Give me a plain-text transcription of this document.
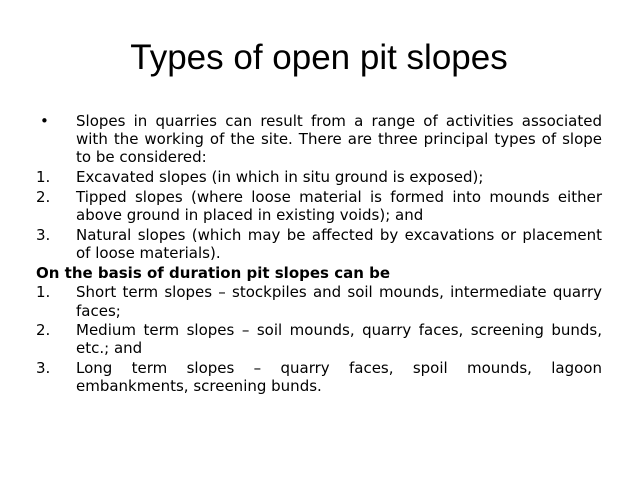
Types of open pit slopes
•	Slopes in quarries can result from a range of activities associated with the working of the site. There are three principal types of slope to be considered:
1.	Excavated slopes (in which in situ ground is exposed);
2.	Tipped slopes (where loose material is formed into mounds either above ground in placed in existing voids); and
3.	Natural slopes (which may be affected by excavations or placement of loose materials).
On the basis of duration pit slopes can be
1.	Short term slopes – stockpiles and soil mounds, intermediate quarry faces;
2.	Medium term slopes – soil mounds, quarry faces, screening bunds, etc.; and
3.	Long term slopes – quarry faces, spoil mounds, lagoon embankments, screening bunds.
